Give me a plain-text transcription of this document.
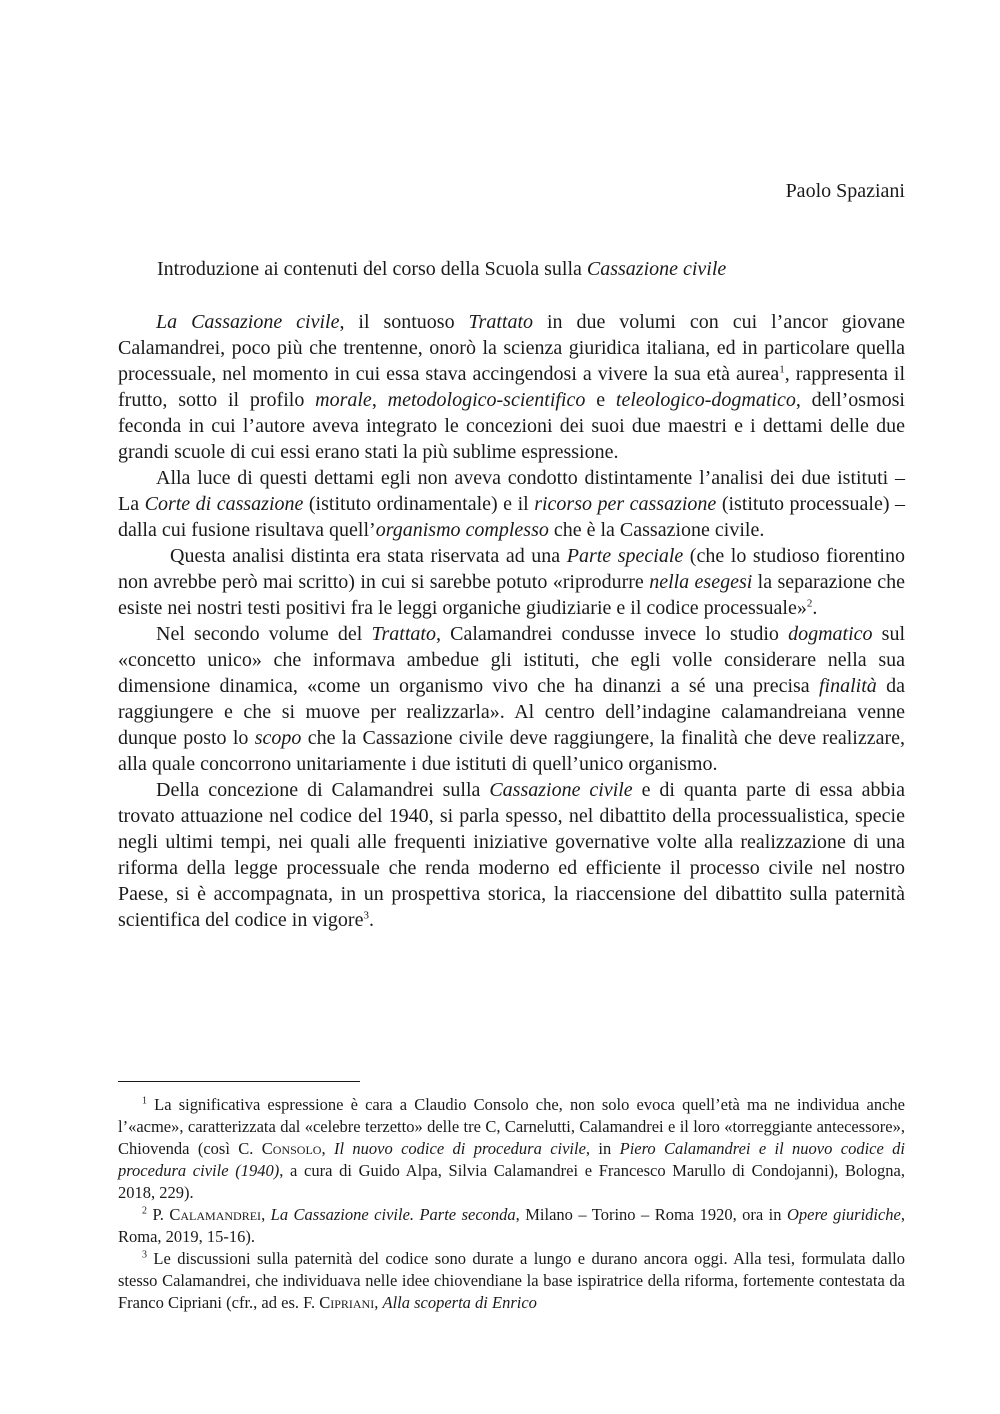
Paolo Spaziani
Introduzione ai contenuti del corso della Scuola sulla Cassazione civile

La Cassazione civile, il sontuoso Trattato in due volumi con cui l’ancor giovane Calamandrei, poco più che trentenne, onorò la scienza giuridica italiana, ed in particolare quella processuale, nel momento in cui essa stava accingendosi a vivere la sua età aurea$^1$, rappresenta il frutto, sotto il profilo morale, metodologico-scientifico e teleologico-dogmatico, dell’osmosi feconda in cui l’autore aveva integrato le concezioni dei suoi due maestri e i dettami delle due grandi scuole di cui essi erano stati la più sublime espressione.

Alla luce di questi dettami egli non aveva condotto distintamente l’analisi dei due istituti – La Corte di cassazione (istituto ordinamentale) e il ricorso per cassazione (istituto processuale) – dalla cui fusione risultava quell’organismo complesso che è la Cassazione civile.

Questa analisi distinta era stata riservata ad una Parte speciale (che lo studioso fiorentino non avrebbe però mai scritto) in cui si sarebbe potuto «riprodurre nella esegesi la separazione che esiste nei nostri testi positivi fra le leggi organiche giudiziarie e il codice processuale»$^2$.

Nel secondo volume del Trattato, Calamandrei condusse invece lo studio dogmatico sul «concetto unico» che informava ambedue gli istituti, che egli volle considerare nella sua dimensione dinamica, «come un organismo vivo che ha dinanzi a sé una precisa finalità da raggiungere e che si muove per realizzarla». Al centro dell’indagine calamandreiana venne dunque posto lo scopo che la Cassazione civile deve raggiungere, la finalità che deve realizzare, alla quale concorrono unitariamente i due istituti di quell’unico organismo.

Della concezione di Calamandrei sulla Cassazione civile e di quanta parte di essa abbia trovato attuazione nel codice del 1940, si parla spesso, nel dibattito della processualistica, specie negli ultimi tempi, nei quali alle frequenti iniziative governative volte alla realizzazione di una riforma della legge processuale che renda moderno ed efficiente il processo civile nel nostro Paese, si è accompagnata, in un prospettiva storica, la riaccensione del dibattito sulla paternità scientifica del codice in vigore$^3$.

$^1$ La significativa espressione è cara a Claudio Consolo che, non solo evoca quell’età ma ne individua anche l’«acme», caratterizzata dal «celebre terzetto» delle tre C, Carnelutti, Calamandrei e il loro «torreggiante antecessore», Chiovenda (così C. Consolo, Il nuovo codice di procedura civile, in Piero Calamandrei e il nuovo codice di procedura civile (1940), a cura di Guido Alpa, Silvia Calamandrei e Francesco Marullo di Condojanni), Bologna, 2018, 229).

$^2$ P. Calamandrei, La Cassazione civile. Parte seconda, Milano – Torino – Roma 1920, ora in Opere giuridiche, Roma, 2019, 15-16).

$^3$ Le discussioni sulla paternità del codice sono durate a lungo e durano ancora oggi. Alla tesi, formulata dallo stesso Calamandrei, che individuava nelle idee chiovendiane la base ispiratrice della riforma, fortemente contestata da Franco Cipriani (cfr., ad es. F. Cipriani, Alla scoperta di Enrico
